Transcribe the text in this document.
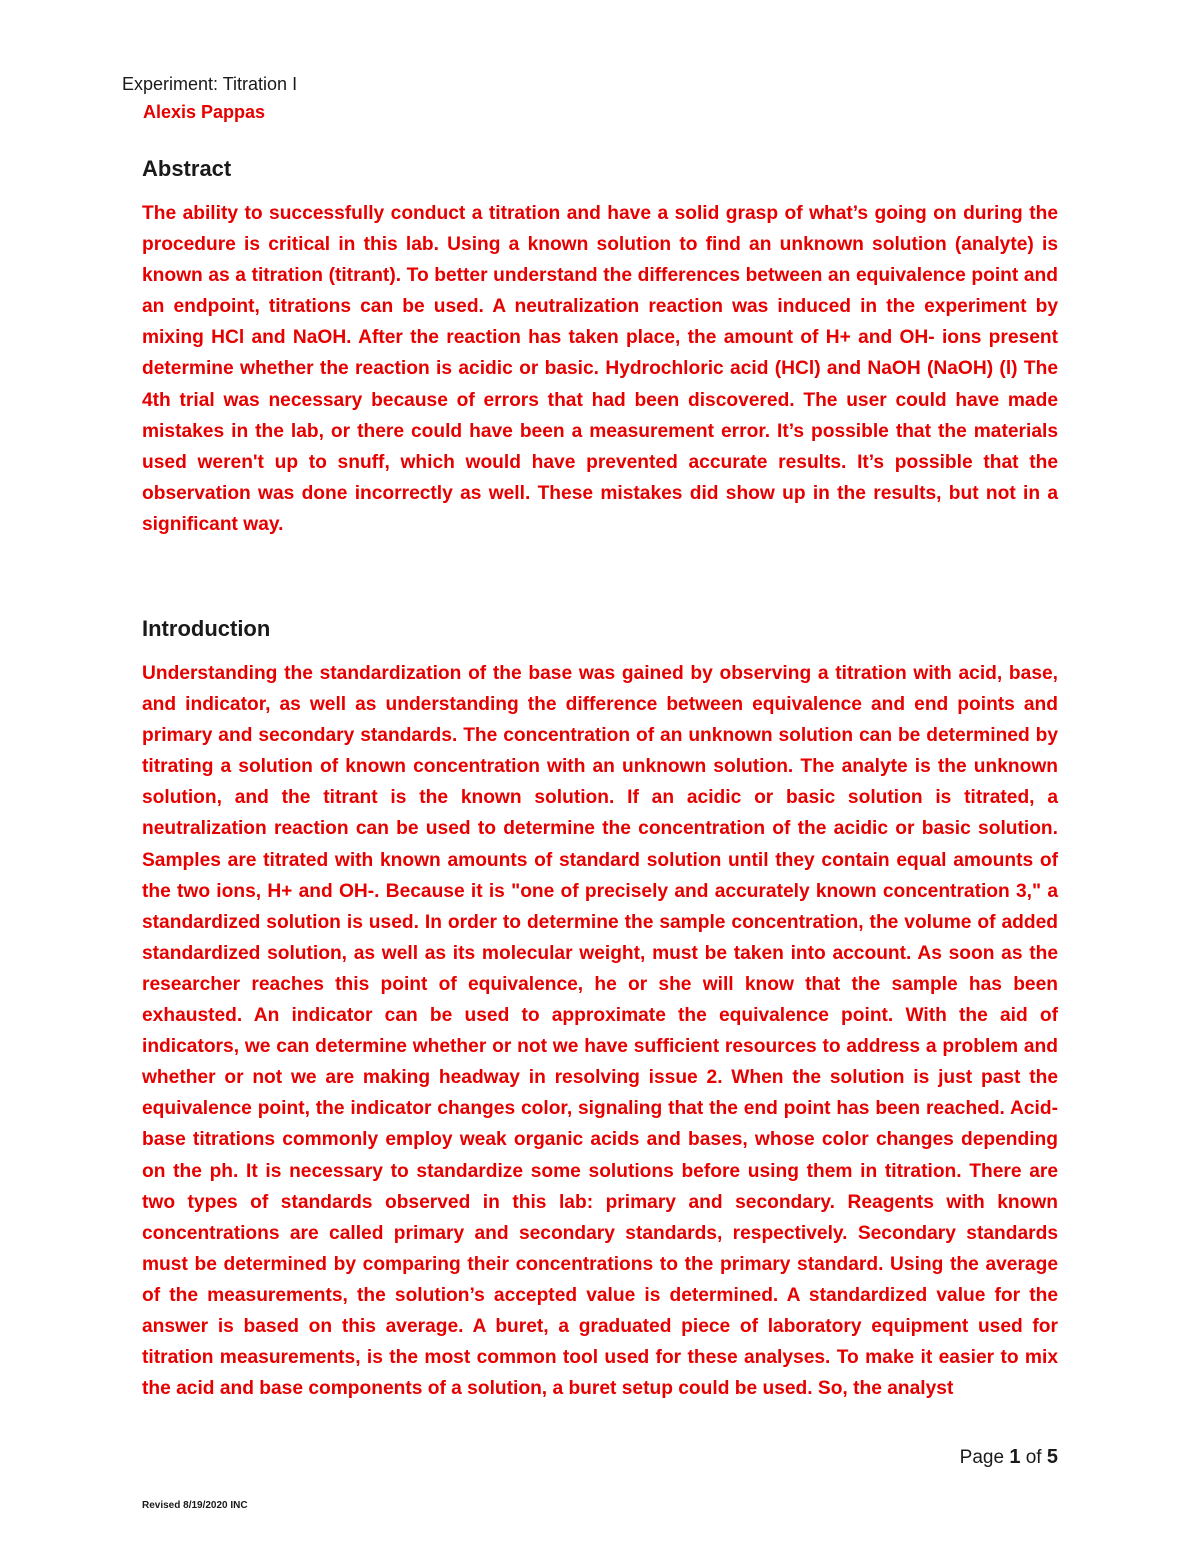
Experiment: Titration I
Alexis Pappas
Abstract

The ability to successfully conduct a titration and have a solid grasp of what’s going on during the procedure is critical in this lab. Using a known solution to find an unknown solution (analyte) is known as a titration (titrant). To better understand the differences between an equivalence point and an endpoint, titrations can be used. A neutralization reaction was induced in the experiment by mixing HCl and NaOH. After the reaction has taken place, the amount of H+ and OH- ions present determine whether the reaction is acidic or basic. Hydrochloric acid (HCl) and NaOH (NaOH) (l) The 4th trial was necessary because of errors that had been discovered. The user could have made mistakes in the lab, or there could have been a measurement error. It’s possible that the materials used weren't up to snuff, which would have prevented accurate results. It’s possible that the observation was done incorrectly as well. These mistakes did show up in the results, but not in a significant way.

Introduction

Understanding the standardization of the base was gained by observing a titration with acid, base, and indicator, as well as understanding the difference between equivalence and end points and primary and secondary standards. The concentration of an unknown solution can be determined by titrating a solution of known concentration with an unknown solution. The analyte is the unknown solution, and the titrant is the known solution. If an acidic or basic solution is titrated, a neutralization reaction can be used to determine the concentration of the acidic or basic solution. Samples are titrated with known amounts of standard solution until they contain equal amounts of the two ions, H+ and OH-. Because it is "one of precisely and accurately known concentration 3," a standardized solution is used. In order to determine the sample concentration, the volume of added standardized solution, as well as its molecular weight, must be taken into account. As soon as the researcher reaches this point of equivalence, he or she will know that the sample has been exhausted. An indicator can be used to approximate the equivalence point. With the aid of indicators, we can determine whether or not we have sufficient resources to address a problem and whether or not we are making headway in resolving issue 2. When the solution is just past the equivalence point, the indicator changes color, signaling that the end point has been reached. Acid-base titrations commonly employ weak organic acids and bases, whose color changes depending on the ph. It is necessary to standardize some solutions before using them in titration. There are two types of standards observed in this lab: primary and secondary. Reagents with known concentrations are called primary and secondary standards, respectively. Secondary standards must be determined by comparing their concentrations to the primary standard. Using the average of the measurements, the solution’s accepted value is determined. A standardized value for the answer is based on this average. A buret, a graduated piece of laboratory equipment used for titration measurements, is the most common tool used for these analyses. To make it easier to mix the acid and base components of a solution, a buret setup could be used. So, the analyst

Page 1 of 5
Revised 8/19/2020 INC
